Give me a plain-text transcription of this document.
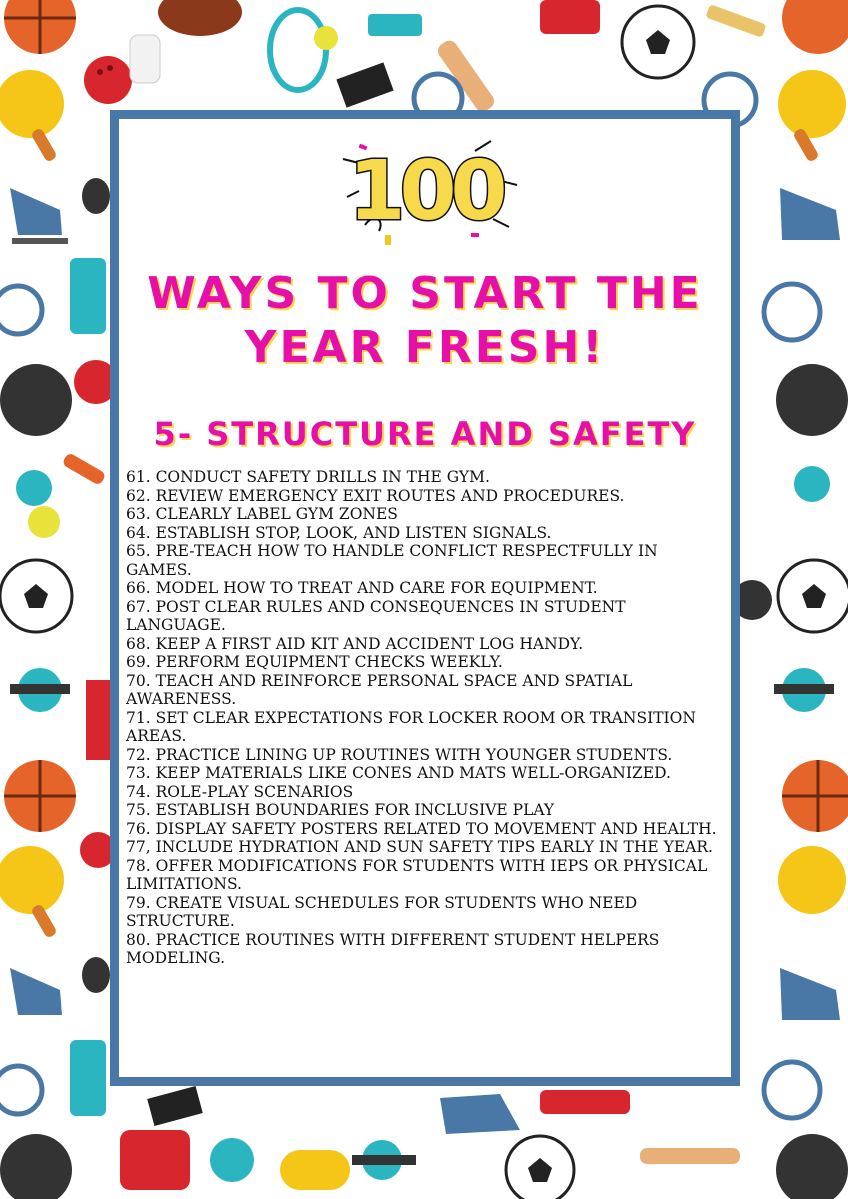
100
WAYS TO START THE YEAR FRESH!
5- STRUCTURE AND SAFETY
61. CONDUCT SAFETY DRILLS IN THE GYM.
62. REVIEW EMERGENCY EXIT ROUTES AND PROCEDURES.
63. CLEARLY LABEL GYM ZONES
64. ESTABLISH STOP, LOOK, AND LISTEN SIGNALS.
65. PRE-TEACH HOW TO HANDLE CONFLICT RESPECTFULLY IN GAMES.
66. MODEL HOW TO TREAT AND CARE FOR EQUIPMENT.
67. POST CLEAR RULES AND CONSEQUENCES IN STUDENT LANGUAGE.
68. KEEP A FIRST AID KIT AND ACCIDENT LOG HANDY.
69. PERFORM EQUIPMENT CHECKS WEEKLY.
70. TEACH AND REINFORCE PERSONAL SPACE AND SPATIAL AWARENESS.
71. SET CLEAR EXPECTATIONS FOR LOCKER ROOM OR TRANSITION AREAS.
72. PRACTICE LINING UP ROUTINES WITH YOUNGER STUDENTS.
73. KEEP MATERIALS LIKE CONES AND MATS WELL-ORGANIZED.
74. ROLE-PLAY SCENARIOS
75. ESTABLISH BOUNDARIES FOR INCLUSIVE PLAY
76. DISPLAY SAFETY POSTERS RELATED TO MOVEMENT AND HEALTH.
77, INCLUDE HYDRATION AND SUN SAFETY TIPS EARLY IN THE YEAR.
78. OFFER MODIFICATIONS FOR STUDENTS WITH IEPS OR PHYSICAL LIMITATIONS.
79. CREATE VISUAL SCHEDULES FOR STUDENTS WHO NEED STRUCTURE.
80. PRACTICE ROUTINES WITH DIFFERENT STUDENT HELPERS MODELING.
